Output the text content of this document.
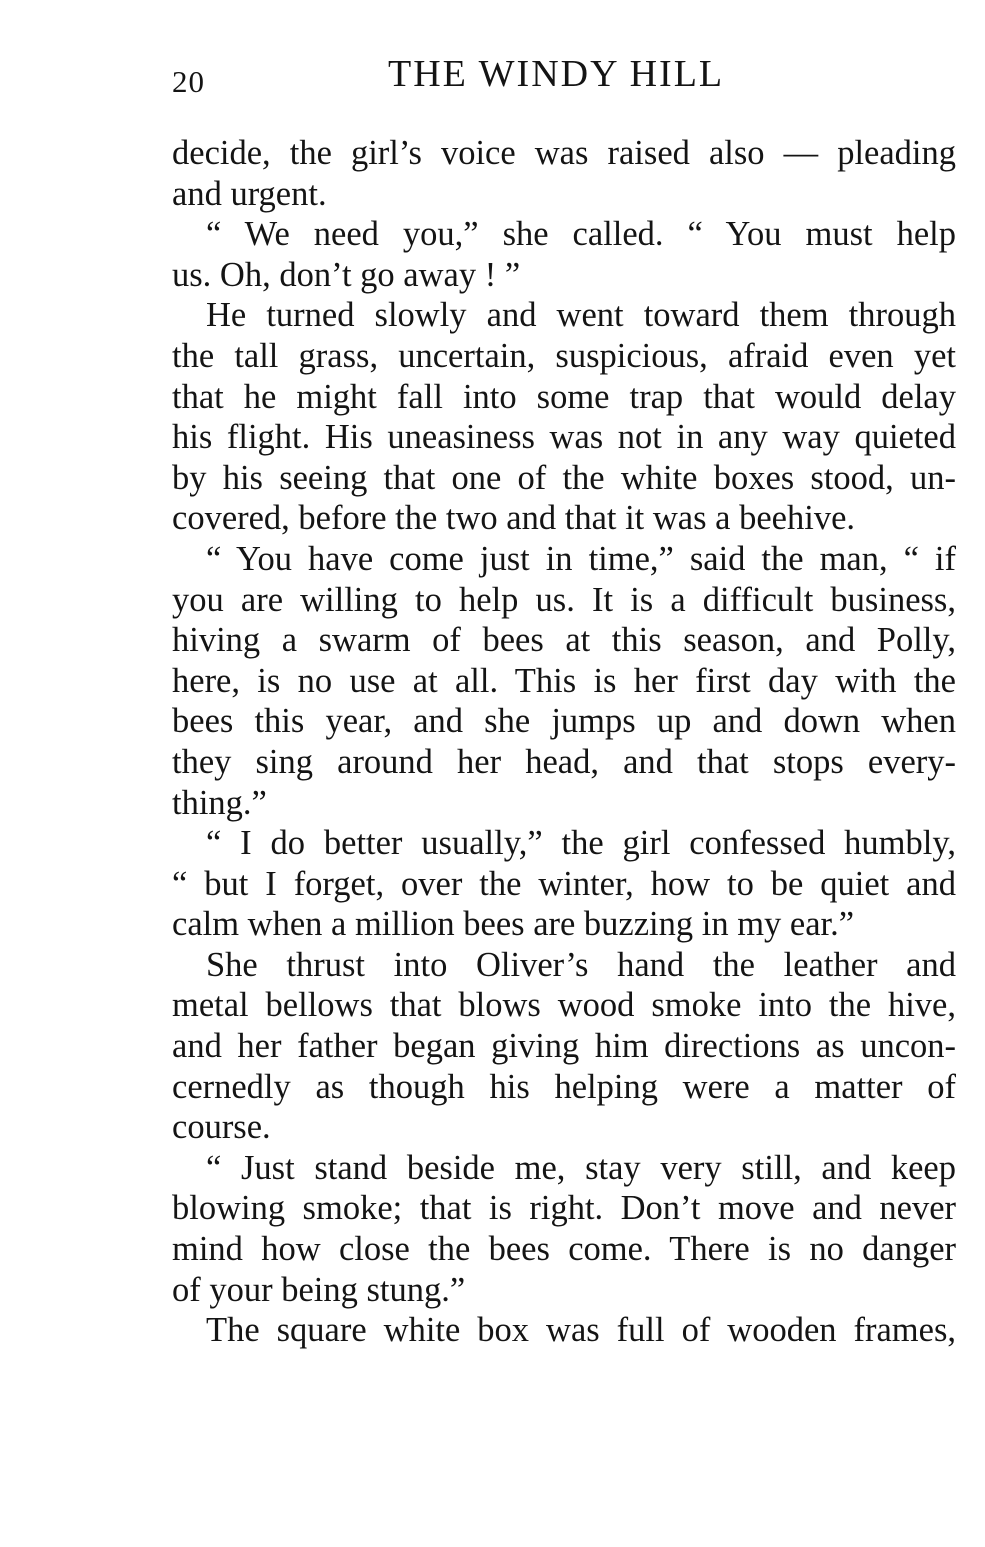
20	THE WINDY HILL
decide, the girl’s voice was raised also — pleading
and urgent.
“ We need you,” she called. “ You must help
us. Oh, don’t go away ! ”
He turned slowly and went toward them through
the tall grass, uncertain, suspicious, afraid even yet
that he might fall into some trap that would delay
his flight. His uneasiness was not in any way quieted
by his seeing that one of the white boxes stood, un-
covered, before the two and that it was a beehive.
“ You have come just in time,” said the man, “ if
you are willing to help us. It is a difficult business,
hiving a swarm of bees at this season, and Polly,
here, is no use at all. This is her first day with the
bees this year, and she jumps up and down when
they sing around her head, and that stops every-
thing.”
“ I do better usually,” the girl confessed humbly,
“ but I forget, over the winter, how to be quiet and
calm when a million bees are buzzing in my ear.”
She thrust into Oliver’s hand the leather and
metal bellows that blows wood smoke into the hive,
and her father began giving him directions as uncon-
cernedly as though his helping were a matter of
course.
“ Just stand beside me, stay very still, and keep
blowing smoke; that is right. Don’t move and never
mind how close the bees come. There is no danger
of your being stung.”
The square white box was full of wooden frames,
